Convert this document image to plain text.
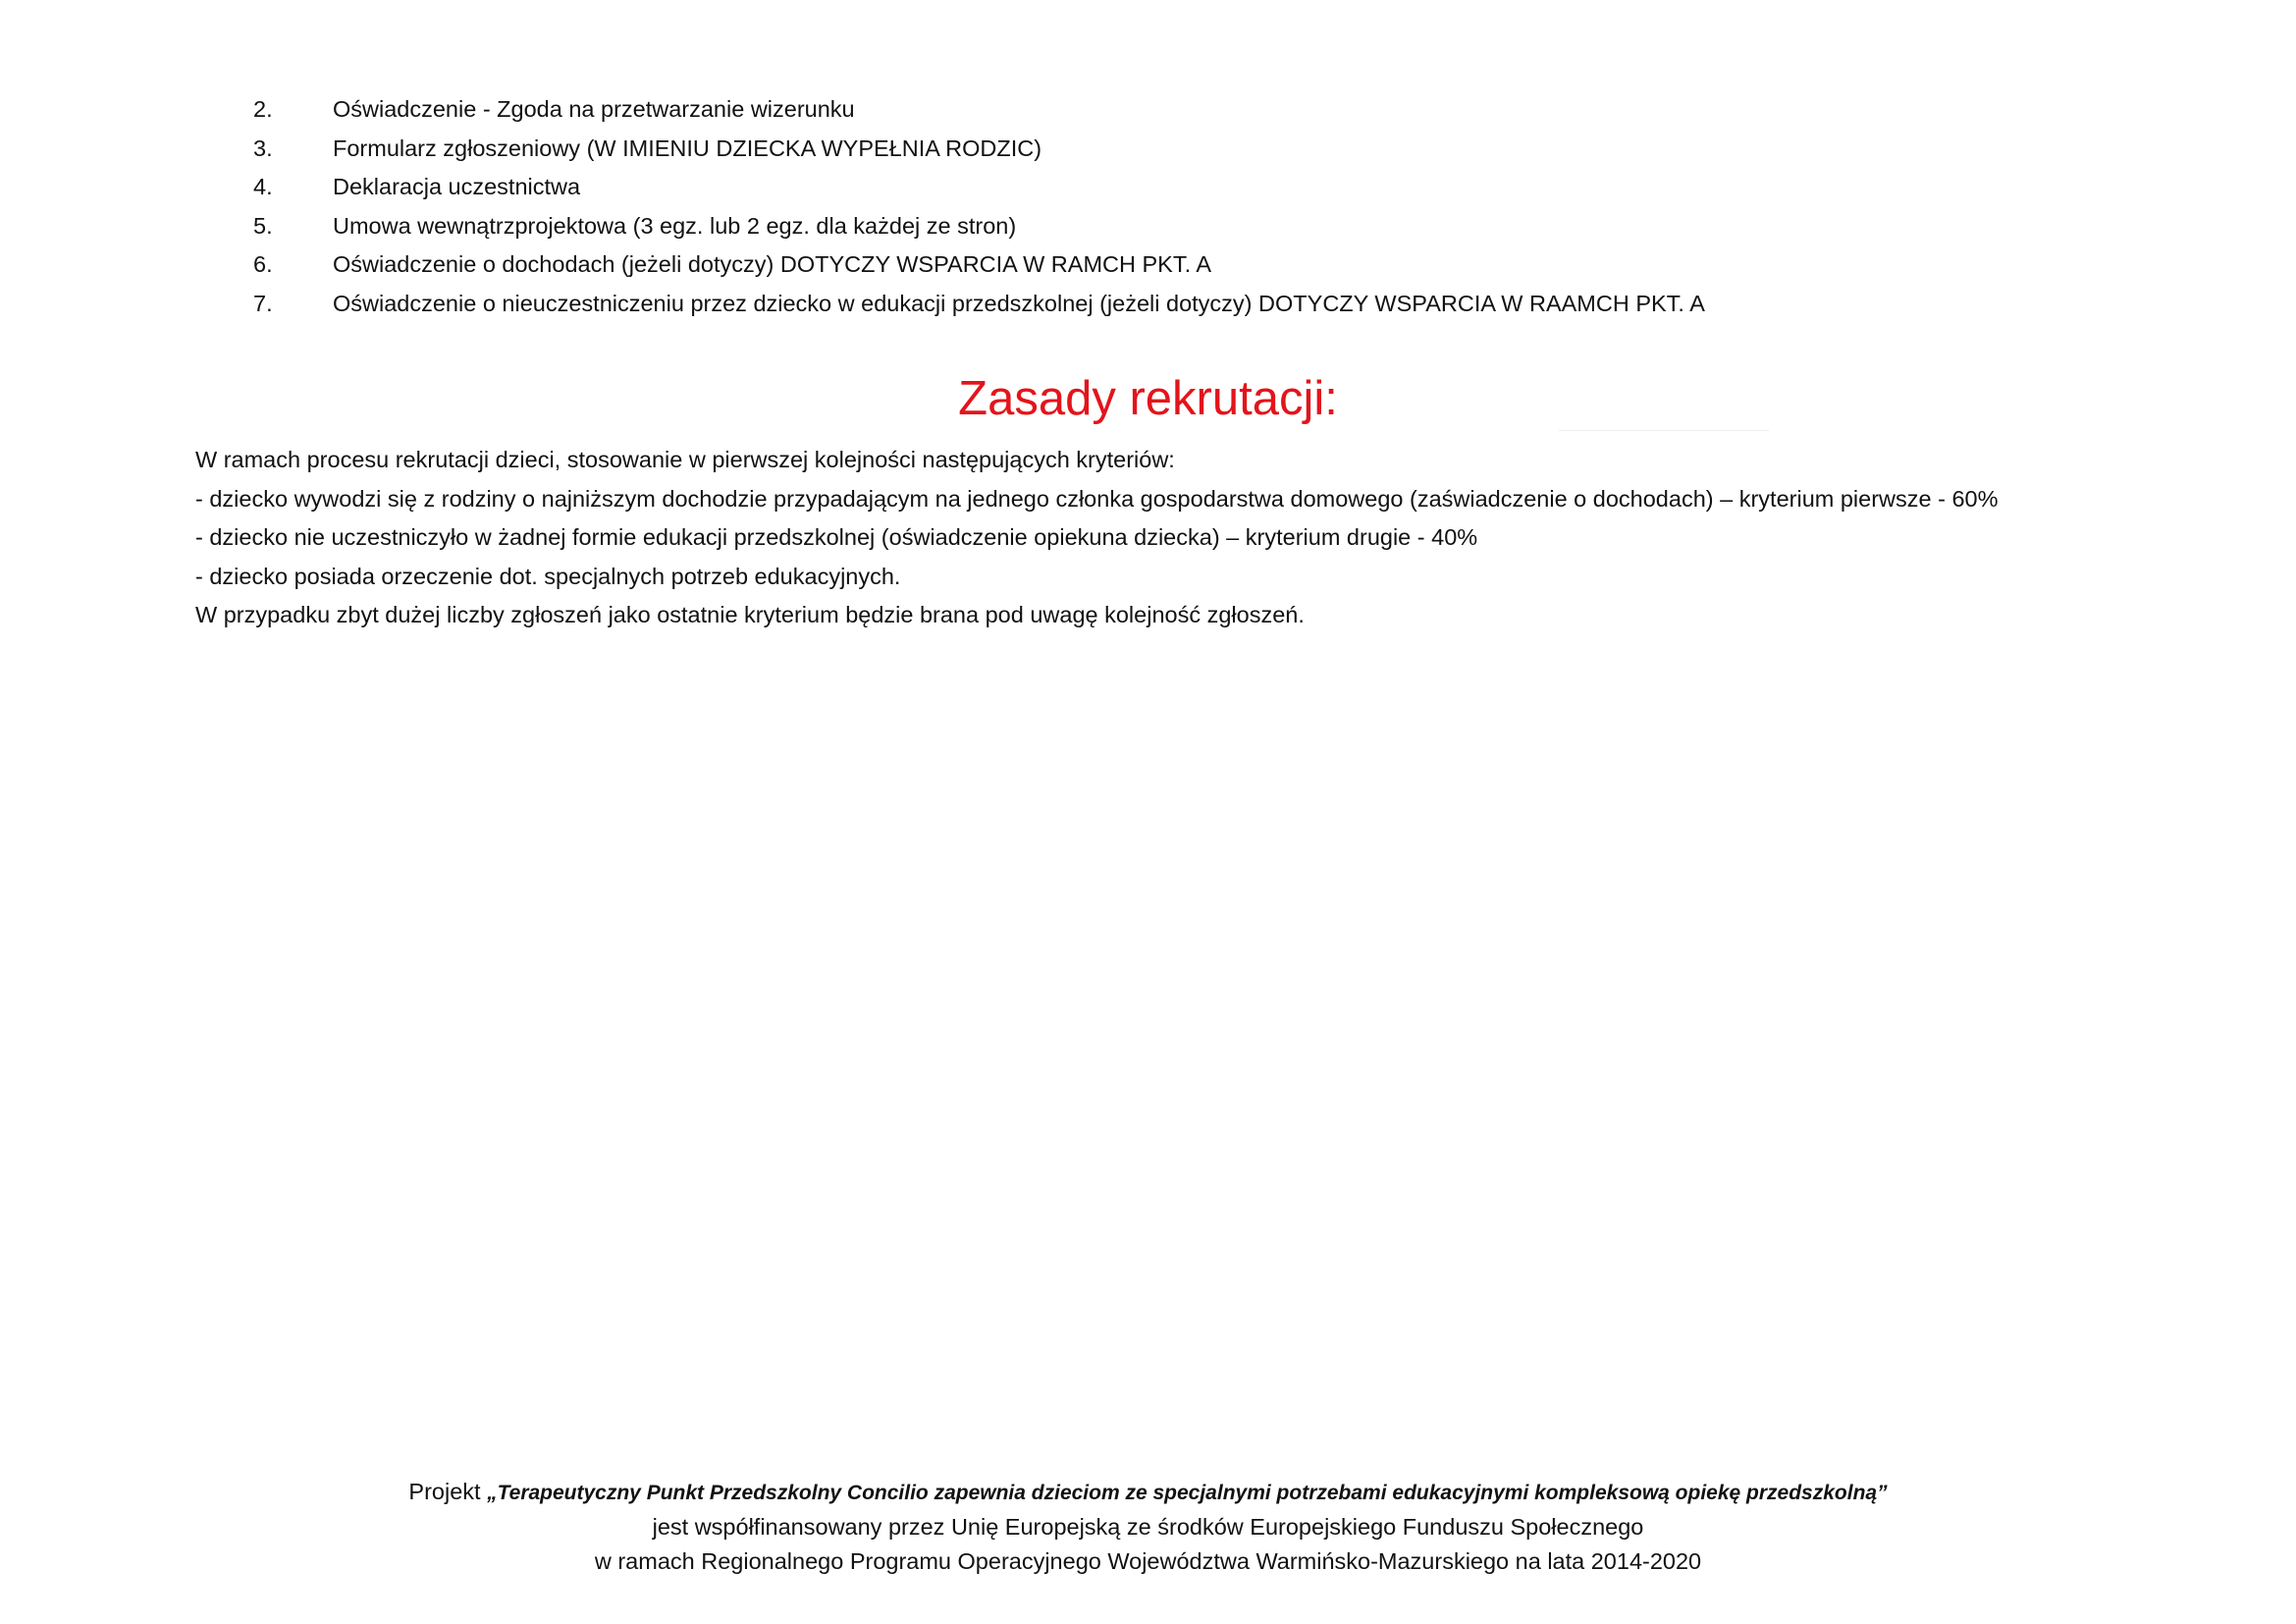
2.	Oświadczenie - Zgoda na przetwarzanie wizerunku
3.	Formularz zgłoszeniowy (W IMIENIU DZIECKA WYPEŁNIA RODZIC)
4.	Deklaracja uczestnictwa
5.	Umowa wewnątrzprojektowa (3 egz. lub 2 egz. dla każdej ze stron)
6.	Oświadczenie o dochodach (jeżeli dotyczy) DOTYCZY WSPARCIA W RAMCH PKT. A
7.	Oświadczenie o nieuczestniczeniu przez dziecko w edukacji przedszkolnej (jeżeli dotyczy) DOTYCZY WSPARCIA W RAAMCH PKT. A
Zasady rekrutacji:

W ramach procesu rekrutacji dzieci, stosowanie w pierwszej kolejności następujących kryteriów:

- dziecko wywodzi się z rodziny o najniższym dochodzie przypadającym na jednego członka gospodarstwa domowego (zaświadczenie o dochodach) – kryterium pierwsze - 60%

- dziecko nie uczestniczyło w żadnej formie edukacji przedszkolnej (oświadczenie opiekuna dziecka) – kryterium drugie - 40%

- dziecko posiada orzeczenie dot. specjalnych potrzeb edukacyjnych.

W przypadku zbyt dużej liczby zgłoszeń jako ostatnie kryterium będzie brana pod uwagę kolejność zgłoszeń.

Projekt „Terapeutyczny Punkt Przedszkolny Concilio zapewnia dzieciom ze specjalnymi potrzebami edukacyjnymi kompleksową opiekę przedszkolną”

jest współfinansowany przez Unię Europejską ze środków Europejskiego Funduszu Społecznego

w ramach Regionalnego Programu Operacyjnego Województwa Warmińsko-Mazurskiego na lata 2014-2020
